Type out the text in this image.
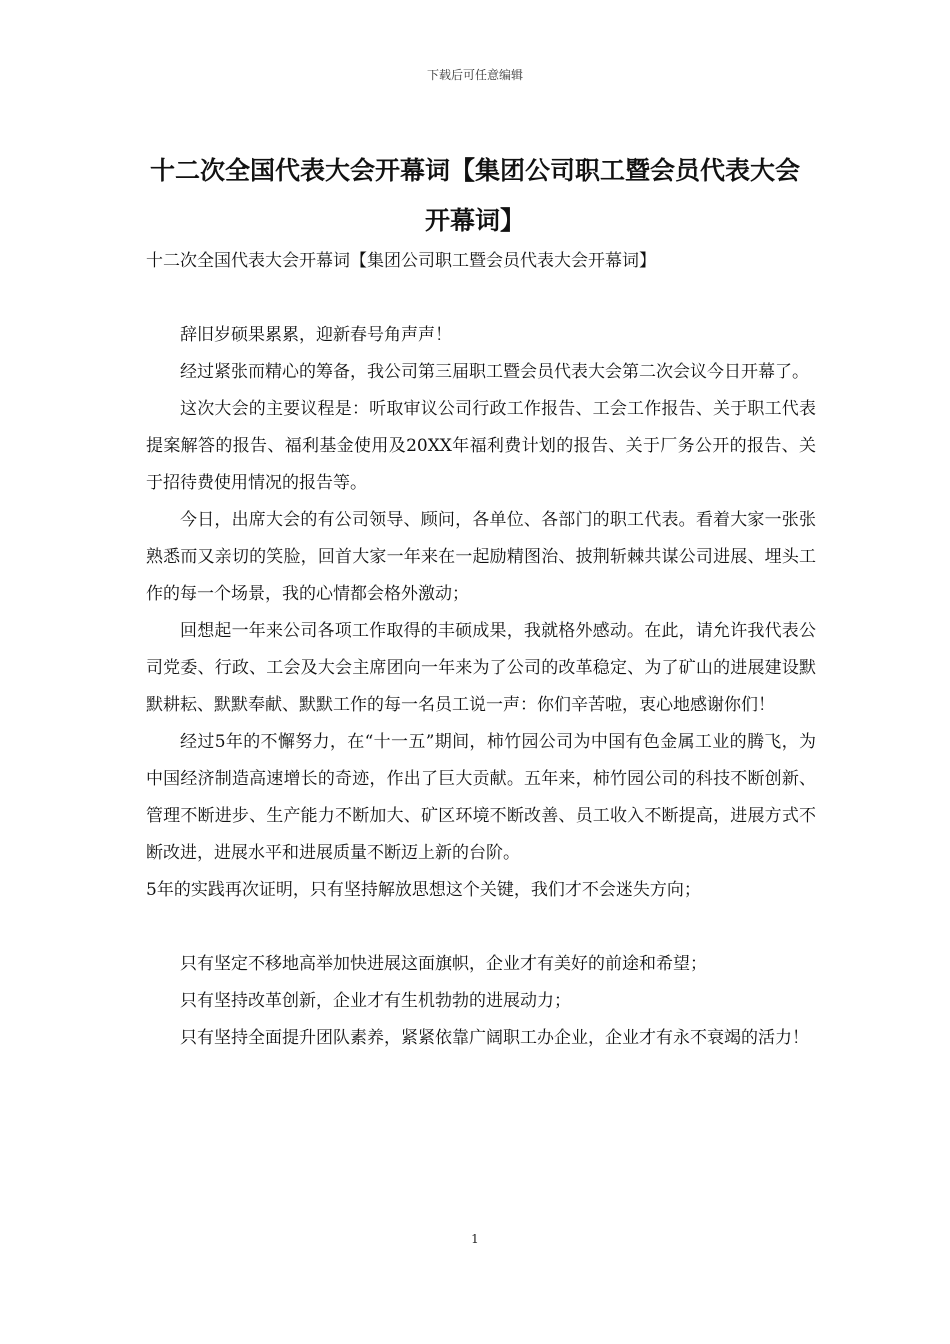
下载后可任意编辑
十二次全国代表大会开幕词【集团公司职工暨会员代表大会开幕词】

十二次全国代表大会开幕词【集团公司职工暨会员代表大会开幕词】

辞旧岁硕果累累，迎新春号角声声！

经过紧张而精心的筹备，我公司第三届职工暨会员代表大会第二次会议今日开幕了。

这次大会的主要议程是：听取审议公司行政工作报告、工会工作报告、关于职工代表提案解答的报告、福利基金使用及20XX年福利费计划的报告、关于厂务公开的报告、关于招待费使用情况的报告等。

今日，出席大会的有公司领导、顾问，各单位、各部门的职工代表。看着大家一张张熟悉而又亲切的笑脸，回首大家一年来在一起励精图治、披荆斩棘共谋公司进展、埋头工作的每一个场景，我的心情都会格外激动；

回想起一年来公司各项工作取得的丰硕成果，我就格外感动。在此，请允许我代表公司党委、行政、工会及大会主席团向一年来为了公司的改革稳定、为了矿山的进展建设默默耕耘、默默奉献、默默工作的每一名员工说一声：你们辛苦啦，衷心地感谢你们！

经过5年的不懈努力，在“十一五”期间，柿竹园公司为中国有色金属工业的腾飞，为中国经济制造高速增长的奇迹，作出了巨大贡献。五年来，柿竹园公司的科技不断创新、管理不断进步、生产能力不断加大、矿区环境不断改善、员工收入不断提高，进展方式不断改进，进展水平和进展质量不断迈上新的台阶。

5年的实践再次证明，只有坚持解放思想这个关键，我们才不会迷失方向；

只有坚定不移地高举加快进展这面旗帜，企业才有美好的前途和希望；

只有坚持改革创新，企业才有生机勃勃的进展动力；

只有坚持全面提升团队素养，紧紧依靠广阔职工办企业，企业才有永不衰竭的活力！

1
